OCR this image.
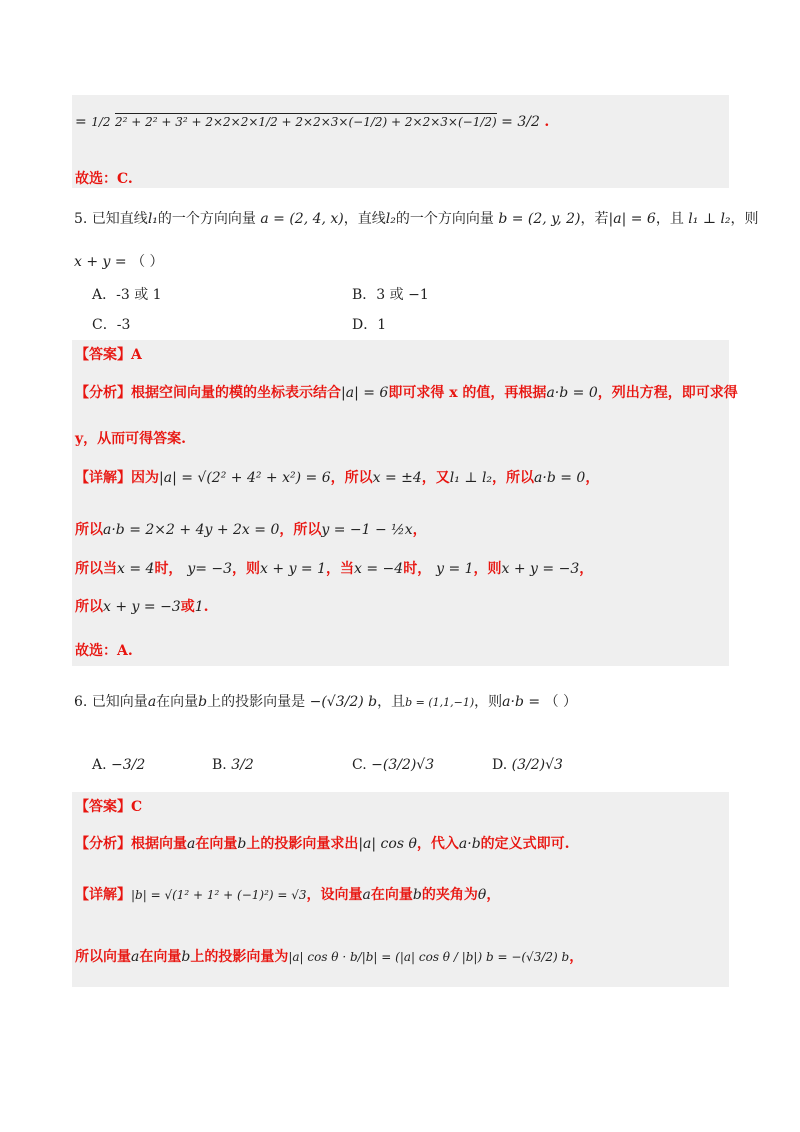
= 1/2 2² + 2² + 3² + 2×2×2×1/2 + 2×2×3×(−1/2) + 2×2×3×(−1/2) = 3/2 .
故选：C.
5. 已知直线l₁的一个方向向量 a = (2, 4, x)，直线l₂的一个方向向量 b = (2, y, 2)，若|a| = 6，且 l₁ ⊥ l₂，则
x + y = （ ）
A．-3 或 1	B．3 或 −1
C．-3	D．1
【答案】A
【分析】根据空间向量的模的坐标表示结合|a| = 6即可求得 x 的值，再根据a·b = 0，列出方程，即可求得
y，从而可得答案.
【详解】因为|a| = √(2² + 4² + x²) = 6，所以x = ±4，又l₁ ⊥ l₂，所以a·b = 0，
所以a·b = 2×2 + 4y + 2x = 0，所以y = −1 − ½x，
所以当x = 4时， y= −3，则x + y = 1，当x = −4时， y = 1，则x + y = −3，
所以x + y = −3或1.
故选：A.
6. 已知向量a在向量b上的投影向量是 −(√3/2) b，且b = (1,1,−1)，则a·b = （ ）
A. −3/2	B. 3/2	C. −(3/2)√3	D. (3/2)√3
【答案】C
【分析】根据向量a在向量b上的投影向量求出|a| cos θ，代入a·b的定义式即可.
【详解】|b| = √(1² + 1² + (−1)²) = √3，设向量a在向量b的夹角为θ，
所以向量a在向量b上的投影向量为|a| cos θ · b/|b| = (|a| cos θ / |b|) b = −(√3/2) b，
